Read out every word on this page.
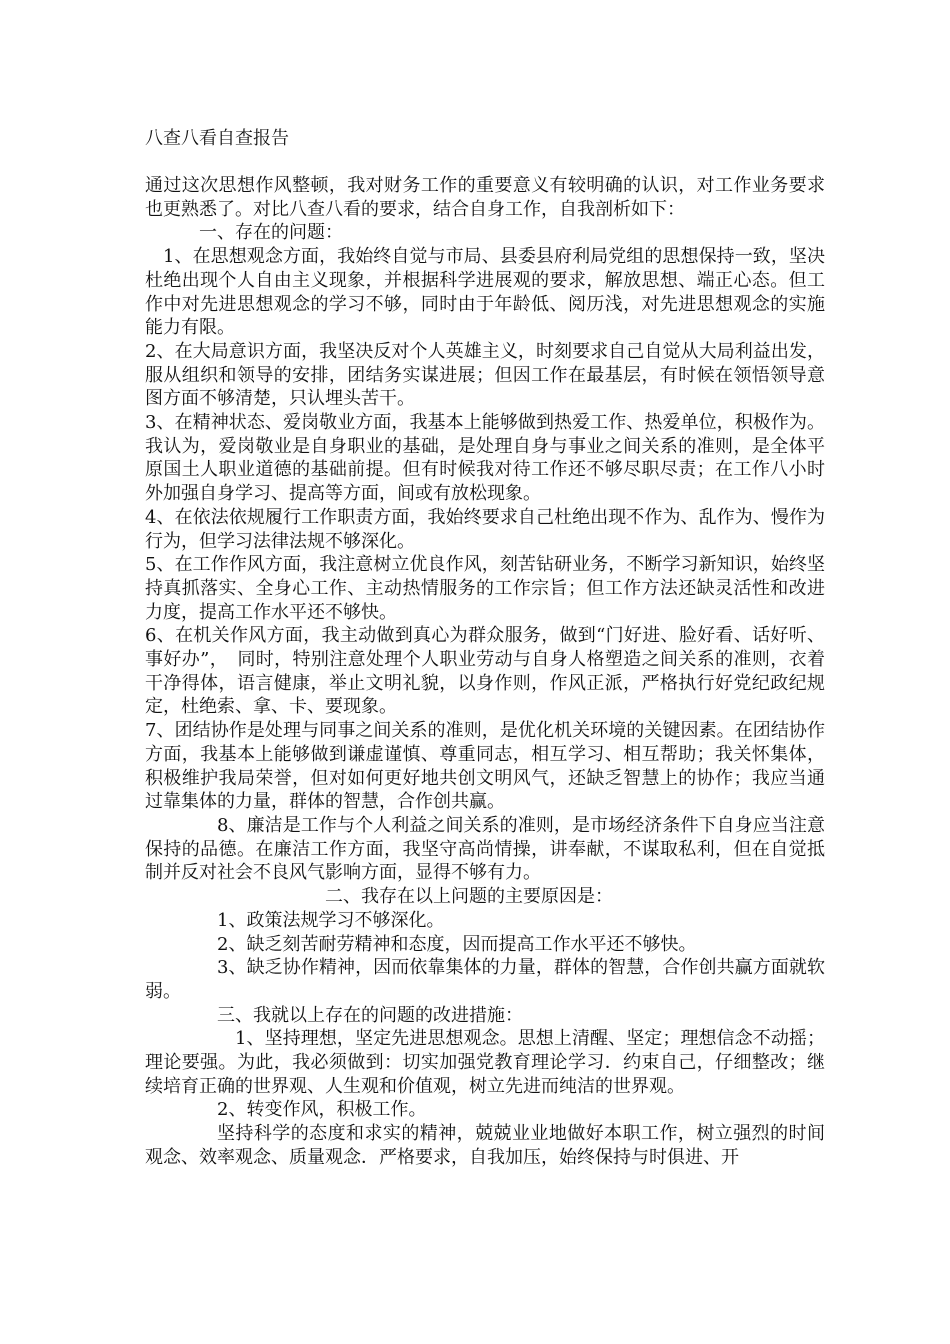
八查八看自查报告

通过这次思想作风整顿，我对财务工作的重要意义有较明确的认识，对工作业务要求也更熟悉了。对比八查八看的要求，结合自身工作，自我剖析如下：

一、存在的问题：

1、在思想观念方面，我始终自觉与市局、县委县府利局党组的思想保持一致，坚决杜绝出现个人自由主义现象，并根据科学进展观的要求，解放思想、端正心态。但工作中对先进思想观念的学习不够，同时由于年龄低、阅历浅，对先进思想观念的实施能力有限。

2、在大局意识方面，我坚决反对个人英雄主义，时刻要求自己自觉从大局利益出发，服从组织和领导的安排，团结务实谋进展；但因工作在最基层，有时候在领悟领导意图方面不够清楚，只认埋头苦干。

3、在精神状态、爱岗敬业方面，我基本上能够做到热爱工作、热爱单位，积极作为。我认为，爱岗敬业是自身职业的基础，是处理自身与事业之间关系的准则，是全体平原国土人职业道德的基础前提。但有时候我对待工作还不够尽职尽责；在工作八小时外加强自身学习、提高等方面，间或有放松现象。

4、在依法依规履行工作职责方面，我始终要求自己杜绝出现不作为、乱作为、慢作为行为，但学习法律法规不够深化。

5、在工作作风方面，我注意树立优良作风，刻苦钻研业务，不断学习新知识，始终坚持真抓落实、全身心工作、主动热情服务的工作宗旨；但工作方法还缺灵活性和改进力度，提高工作水平还不够快。

6、在机关作风方面，我主动做到真心为群众服务，做到“门好进、脸好看、话好听、事好办”，　同时，特别注意处理个人职业劳动与自身人格塑造之间关系的准则，衣着干净得体，语言健康，举止文明礼貌，以身作则，作风正派，严格执行好党纪政纪规定，杜绝索、拿、卡、要现象。

7、团结协作是处理与同事之间关系的准则，是优化机关环境的关键因素。在团结协作方面，我基本上能够做到谦虚谨慎、尊重同志，相互学习、相互帮助；我关怀集体，积极维护我局荣誉，但对如何更好地共创文明风气，还缺乏智慧上的协作；我应当通过靠集体的力量，群体的智慧，合作创共赢。

8、廉洁是工作与个人利益之间关系的准则，是市场经济条件下自身应当注意保持的品德。在廉洁工作方面，我坚守高尚情操，讲奉献，不谋取私利，但在自觉抵制并反对社会不良风气影响方面，显得不够有力。

二、我存在以上问题的主要原因是：

1、政策法规学习不够深化。

2、缺乏刻苦耐劳精神和态度，因而提高工作水平还不够快。

3、缺乏协作精神，因而依靠集体的力量，群体的智慧，合作创共赢方面就软弱。

三、我就以上存在的问题的改进措施：

1、坚持理想，坚定先进思想观念。思想上清醒、坚定；理想信念不动摇；理论要强。为此，我必须做到：切实加强党教育理论学习．约束自己，仔细整改；继续培育正确的世界观、人生观和价值观，树立先进而纯洁的世界观。

2、转变作风，积极工作。

坚持科学的态度和求实的精神，兢兢业业地做好本职工作，树立强烈的时间观念、效率观念、质量观念．严格要求，自我加压，始终保持与时俱进、开
